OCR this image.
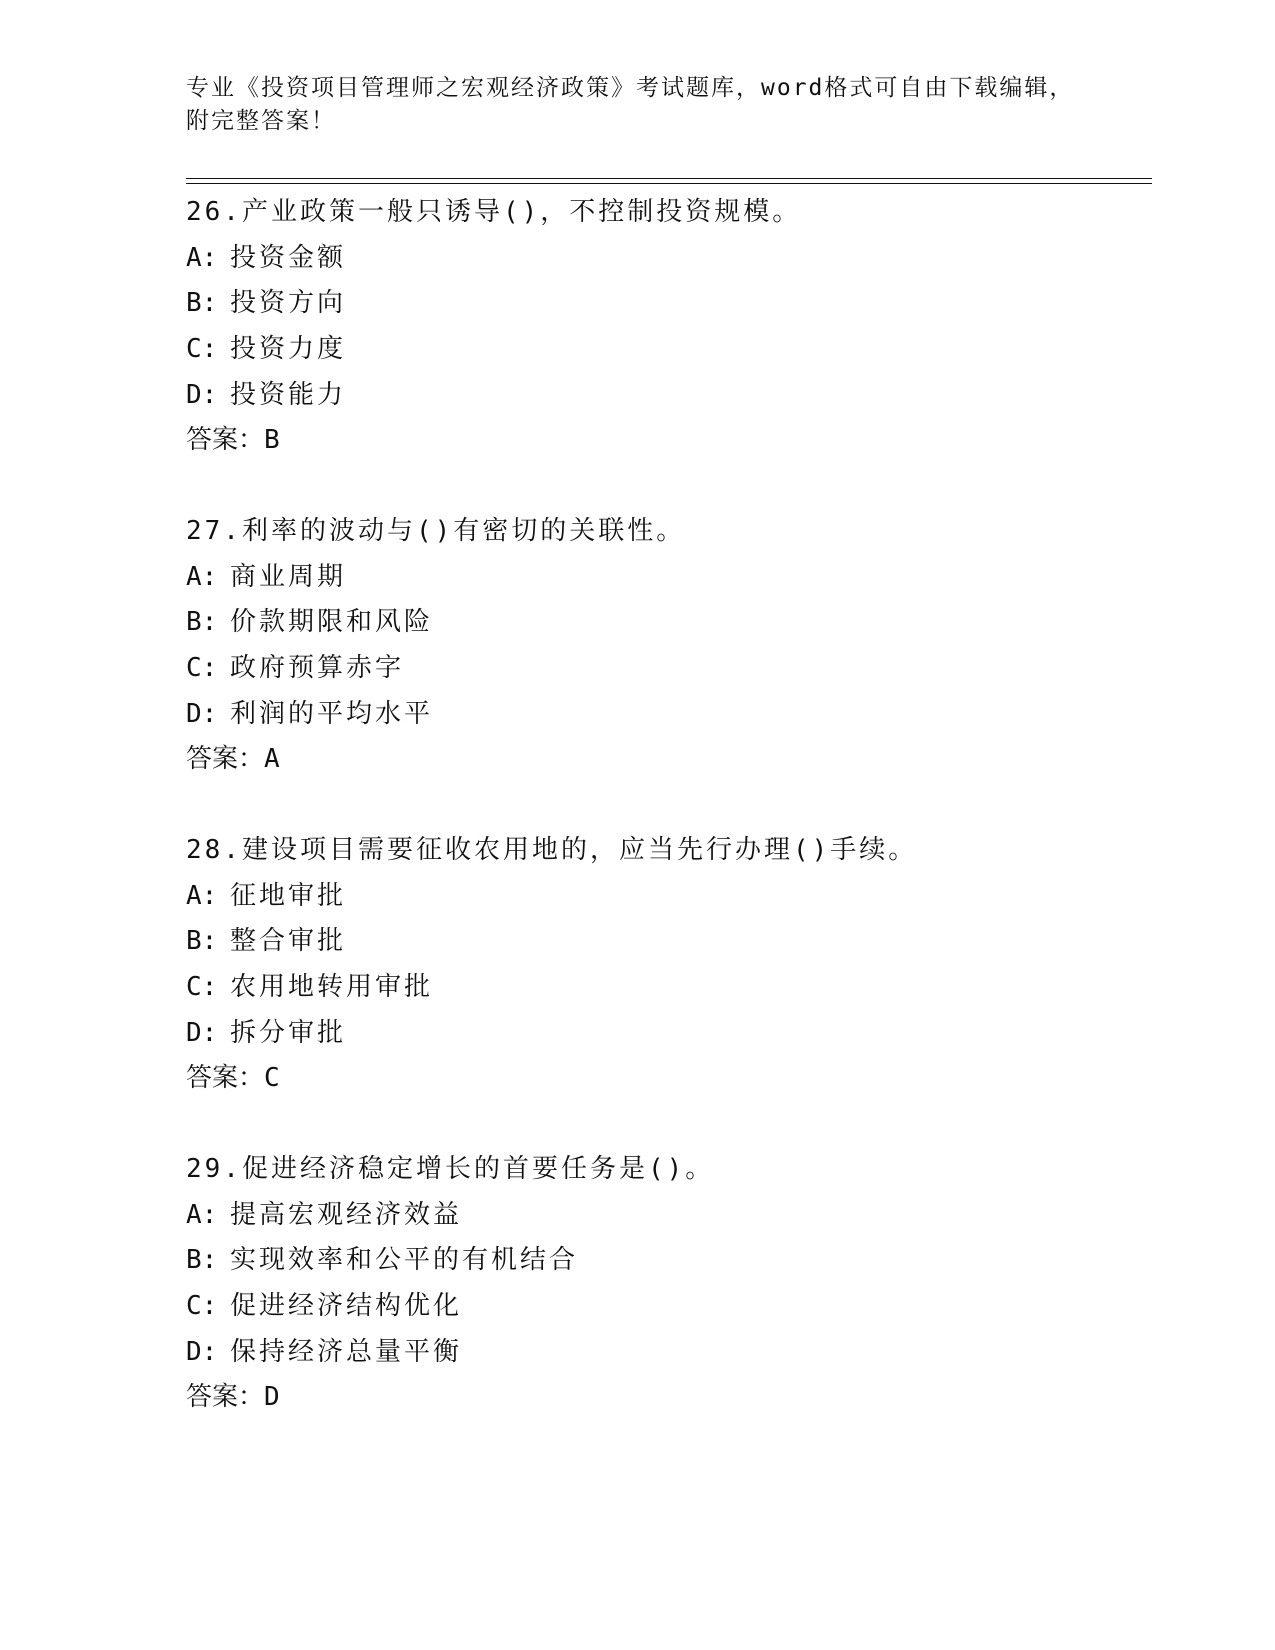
专业《投资项目管理师之宏观经济政策》考试题库，word格式可自由下载编辑，
附完整答案！
26.产业政策一般只诱导()，不控制投资规模。
A: 投资金额
B: 投资方向
C: 投资力度
D: 投资能力
答案：B
27.利率的波动与()有密切的关联性。
A: 商业周期
B: 价款期限和风险
C: 政府预算赤字
D: 利润的平均水平
答案：A
28.建设项目需要征收农用地的，应当先行办理()手续。
A: 征地审批
B: 整合审批
C: 农用地转用审批
D: 拆分审批
答案：C
29.促进经济稳定增长的首要任务是()。
A: 提高宏观经济效益
B: 实现效率和公平的有机结合
C: 促进经济结构优化
D: 保持经济总量平衡
答案：D
